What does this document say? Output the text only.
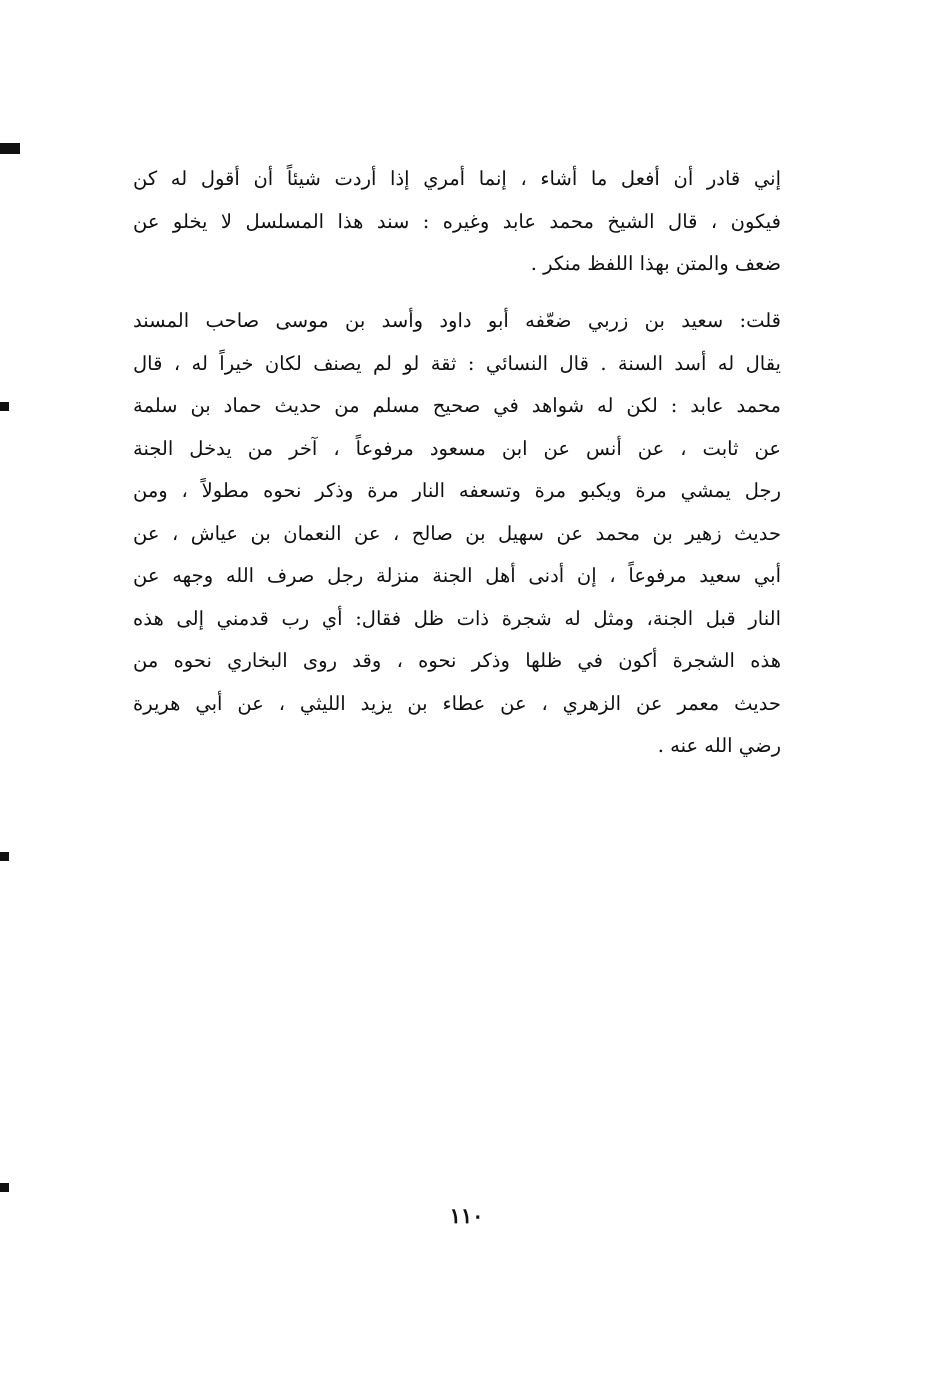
إني قادر أن أفعل ما أشاء ، إنما أمري إذا أردت شيئاً أن أقول له كن
فيكون ، قال الشيخ محمد عابد وغيره : سند هذا المسلسل لا يخلو عن
ضعف والمتن بهذا اللفظ منكر .
قلت: سعيد بن زربي ضعّفه أبو داود وأسد بن موسى صاحب المسند
يقال له أسد السنة . قال النسائي : ثقة لو لم يصنف لكان خيراً له ، قال
محمد عابد : لكن له شواهد في صحيح مسلم من حديث حماد بن سلمة
عن ثابت ، عن أنس عن ابن مسعود مرفوعاً ، آخر من يدخل الجنة
رجل يمشي مرة ويكبو مرة وتسعفه النار مرة وذكر نحوه مطولاً ، ومن
حديث زهير بن محمد عن سهيل بن صالح ، عن النعمان بن عياش ، عن
أبي سعيد مرفوعاً ، إن أدنى أهل الجنة منزلة رجل صرف الله وجهه عن
النار قبل الجنة، ومثل له شجرة ذات ظل فقال: أي رب قدمني إلى هذه
هذه الشجرة أكون في ظلها وذكر نحوه ، وقد روى البخاري نحوه من
حديث معمر عن الزهري ، عن عطاء بن يزيد الليثي ، عن أبي هريرة
رضي الله عنه .
١١٠
